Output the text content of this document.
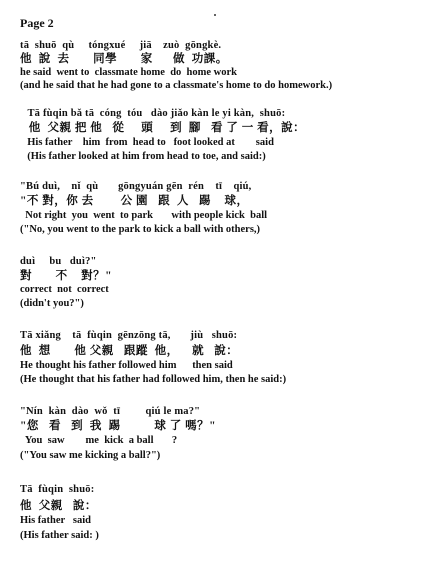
Page 2
tā  shuō  qù     tóngxué     jiā    zuò  gōngkè.
他  說  去       同學       家      做  功課。
he said  went to  classmate home  do  home work
(and he said that he had gone to a classmate's home to do homework.)
Tā fùqin bǎ tā  cóng  tóu   dào jiǎo kàn le yi kàn,  shuō:
他  父親 把 他   從     頭     到  腳   看 了 一 看，說：
His father    him  from  head to   foot looked at        said
(His father looked at him from head to toe, and said:)
"Bú duì,    nǐ  qù       gōngyuán gēn  rén    tī    qiú,
"不 對，你 去        公 園   跟  人   踢    球，
Not right  you  went  to park       with people kick  ball
("No, you went to the park to kick a ball with others,)
duì     bu   duì?"
對       不    對？"
correct  not  correct
(didn't you?")
Tā xiǎng    tā  fùqin  gēnzōng tā,       jiù   shuō:
他  想       他 父親   跟蹤  他，    就   說：
He thought his father followed him      then said
(He thought that his father had followed him, then he said:)
"Nín  kàn  dào  wǒ  tī         qiú le ma?"
"您   看   到  我  踢          球 了 嗎？"
You  saw        me  kick  a ball       ?
("You saw me kicking a ball?")
Tā  fùqin  shuō:
他  父親   說：
His father   said
(His father said: )
